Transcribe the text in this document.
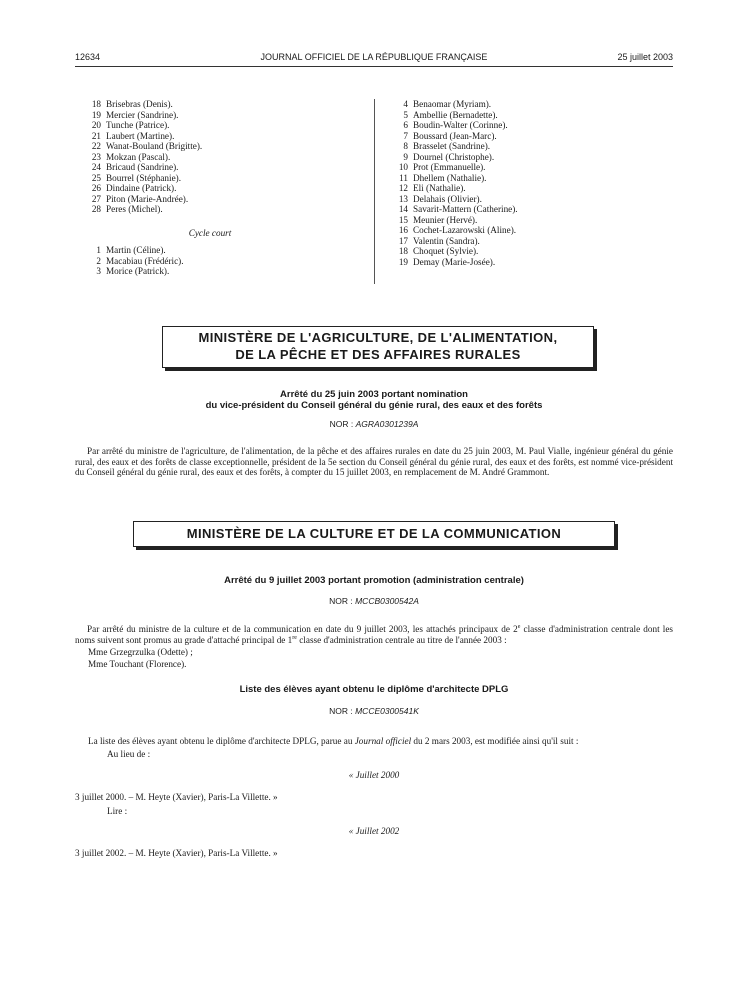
12634	JOURNAL OFFICIEL DE LA RÉPUBLIQUE FRANÇAISE	25 juillet 2003
18 Brisebras (Denis).
19 Mercier (Sandrine).
20 Tunche (Patrice).
21 Laubert (Martine).
22 Wanat-Bouland (Brigitte).
23 Mokzan (Pascal).
24 Bricaud (Sandrine).
25 Bourrel (Stéphanie).
26 Dindaine (Patrick).
27 Piton (Marie-Andrée).
28 Peres (Michel).
Cycle court
1 Martin (Céline).
2 Macabiau (Frédéric).
3 Morice (Patrick).
4 Benaomar (Myriam).
5 Ambellie (Bernadette).
6 Boudin-Walter (Corinne).
7 Boussard (Jean-Marc).
8 Brasselet (Sandrine).
9 Dournel (Christophe).
10 Prot (Emmanuelle).
11 Dhellem (Nathalie).
12 Eli (Nathalie).
13 Delahais (Olivier).
14 Savarit-Mattern (Catherine).
15 Meunier (Hervé).
16 Cochet-Lazarowski (Aline).
17 Valentin (Sandra).
18 Choquet (Sylvie).
19 Demay (Marie-Josée).
MINISTÈRE DE L'AGRICULTURE, DE L'ALIMENTATION,
DE LA PÊCHE ET DES AFFAIRES RURALES
Arrêté du 25 juin 2003 portant nomination
du vice-président du Conseil général du génie rural, des eaux et des forêts
NOR : AGRA0301239A
Par arrêté du ministre de l'agriculture, de l'alimentation, de la pêche et des affaires rurales en date du 25 juin 2003, M. Paul Vialle, ingénieur général du génie rural, des eaux et des forêts de classe exceptionnelle, président de la 5e section du Conseil général du génie rural, des eaux et des forêts, est nommé vice-président du Conseil général du génie rural, des eaux et des forêts, à compter du 15 juillet 2003, en remplacement de M. André Grammont.
MINISTÈRE DE LA CULTURE ET DE LA COMMUNICATION
Arrêté du 9 juillet 2003 portant promotion (administration centrale)
NOR : MCCB0300542A
Par arrêté du ministre de la culture et de la communication en date du 9 juillet 2003, les attachés principaux de 2e classe d'administration centrale dont les noms suivent sont promus au grade d'attaché principal de 1re classe d'administration centrale au titre de l'année 2003 :
Mme Grzegrzulka (Odette) ;
Mme Touchant (Florence).
Liste des élèves ayant obtenu le diplôme d'architecte DPLG
NOR : MCCE0300541K
La liste des élèves ayant obtenu le diplôme d'architecte DPLG, parue au Journal officiel du 2 mars 2003, est modifiée ainsi qu'il suit :
Au lieu de :
« Juillet 2000
3 juillet 2000. – M. Heyte (Xavier), Paris-La Villette. »
Lire :
« Juillet 2002
3 juillet 2002. – M. Heyte (Xavier), Paris-La Villette. »
